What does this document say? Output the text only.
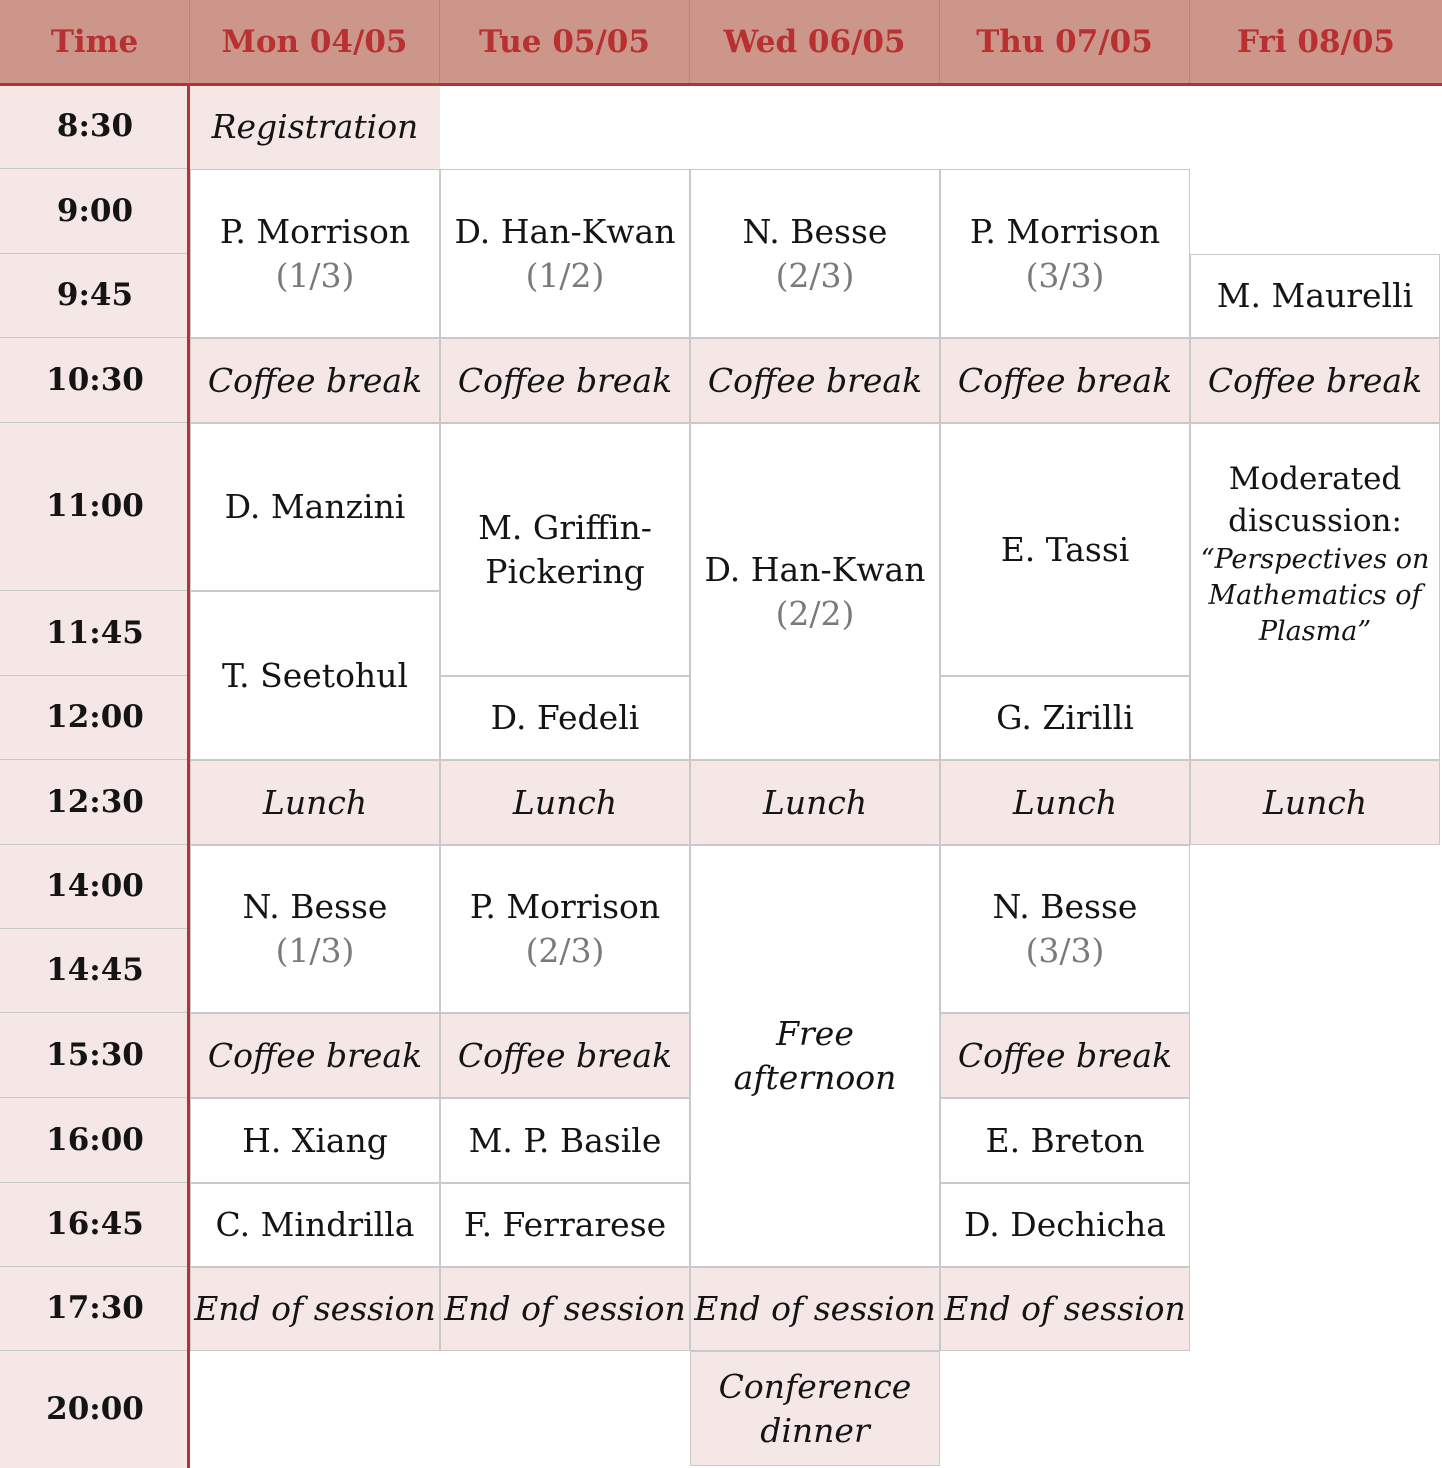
Time	Mon 04/05 Tue 05/05 Wed 06/05 Thu 07/05	Fri 08/05
8:30
9:00
9:45
10:30
11:00
11:45
12:00
12:30
14:00
14:45
15:30
16:00
16:45
17:30
20:00
Registration
P. Morrison
(1/3)
Coffee break
D. Manzini
T. Seetohul
Lunch
N. Besse
(1/3)
Coffee break
H. Xiang
C. Mindrilla
End of session
D. Han-Kwan
(1/2)
Coffee break
M. Griffin-
Pickering
D. Fedeli
Lunch
P. Morrison
(2/3)
Coffee break
M. P. Basile
F. Ferrarese
End of session
N. Besse
(2/3)
Coffee break
D. Han-Kwan
(2/2)
Lunch
Free afternoon
End of session
Conference
dinner
P. Morrison
(3/3)
Coffee break
E. Tassi
G. Zirilli
Lunch
N. Besse
(3/3)
Coffee break
E. Breton
D. Dechicha
End of session
M. Maurelli
Coffee break
Moderated
discussion:
“Perspectives on
Mathematics of
Plasma”
Lunch
